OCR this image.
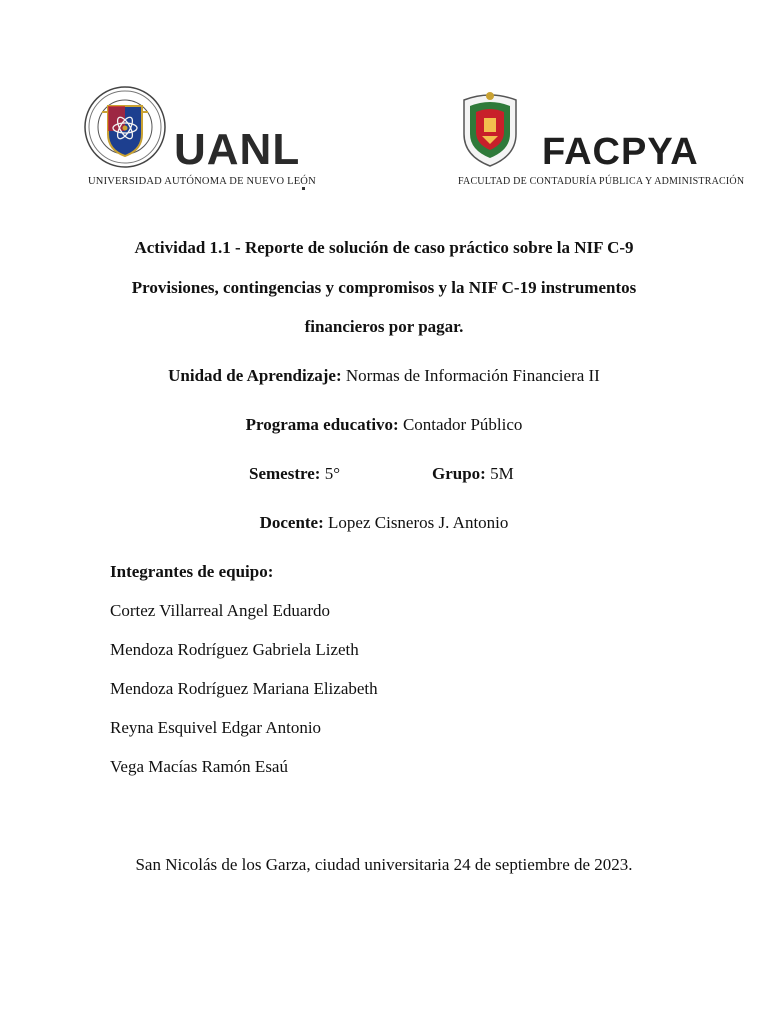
UANL
UNIVERSIDAD AUTÓNOMA DE NUEVO LEÓN
FACPYA
FACULTAD DE CONTADURÍA PÚBLICA Y ADMINISTRACIÓN
Actividad 1.1 - Reporte de solución de caso práctico sobre la NIF C-9
Provisiones, contingencias y compromisos y la NIF C-19 instrumentos
financieros por pagar.
Unidad de Aprendizaje: Normas de Información Financiera II
Programa educativo: Contador Público
Semestre: 5°	Grupo: 5M
Docente: Lopez Cisneros J. Antonio
Integrantes de equipo:
Cortez Villarreal Angel Eduardo
Mendoza Rodríguez Gabriela Lizeth
Mendoza Rodríguez Mariana Elizabeth
Reyna Esquivel Edgar Antonio
Vega Macías Ramón Esaú
San Nicolás de los Garza, ciudad universitaria 24 de septiembre de 2023.
